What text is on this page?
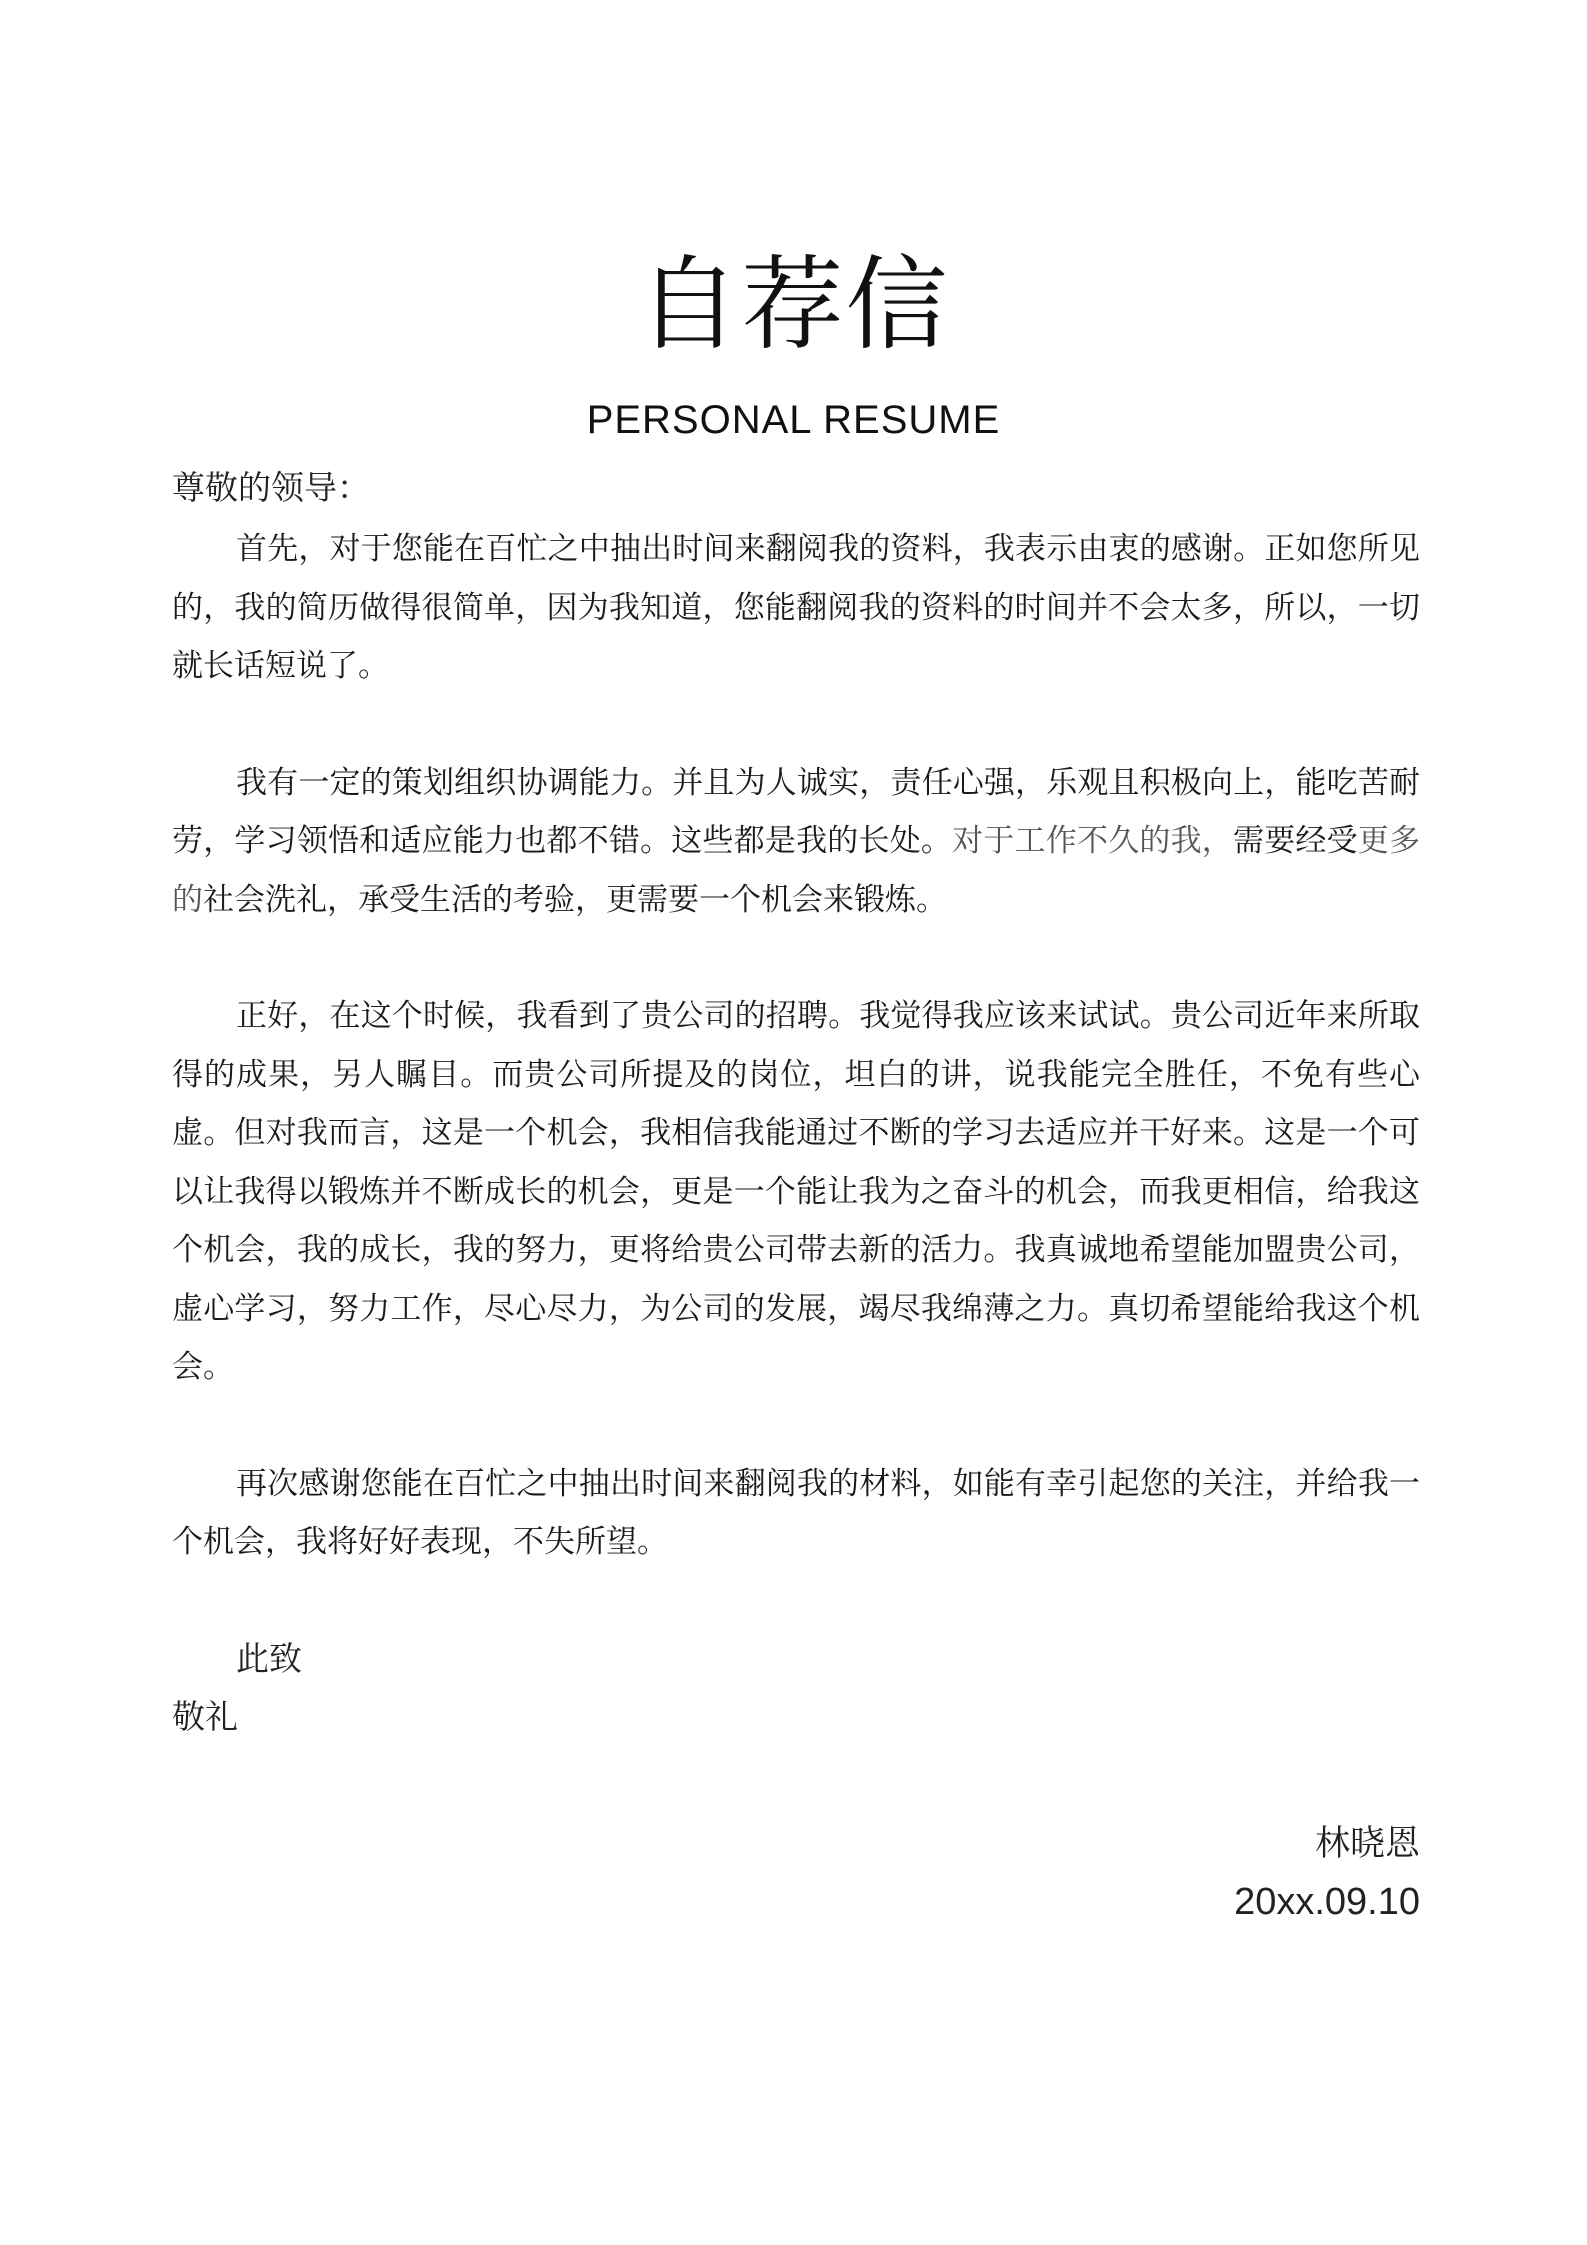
自荐信
PERSONAL RESUME

尊敬的领导：

首先，对于您能在百忙之中抽出时间来翻阅我的资料，我表示由衷的感谢。正如您所见的，我的简历做得很简单，因为我知道，您能翻阅我的资料的时间并不会太多，所以，一切就长话短说了。

我有一定的策划组织协调能力。并且为人诚实，责任心强，乐观且积极向上，能吃苦耐劳，学习领悟和适应能力也都不错。这些都是我的长处。对于工作不久的我，需要经受更多的社会洗礼，承受生活的考验，更需要一个机会来锻炼。

正好，在这个时候，我看到了贵公司的招聘。我觉得我应该来试试。贵公司近年来所取得的成果，另人瞩目。而贵公司所提及的岗位，坦白的讲，说我能完全胜任，不免有些心虚。但对我而言，这是一个机会，我相信我能通过不断的学习去适应并干好来。这是一个可以让我得以锻炼并不断成长的机会，更是一个能让我为之奋斗的机会，而我更相信，给我这个机会，我的成长，我的努力，更将给贵公司带去新的活力。我真诚地希望能加盟贵公司，虚心学习，努力工作，尽心尽力，为公司的发展，竭尽我绵薄之力。真切希望能给我这个机会。

再次感谢您能在百忙之中抽出时间来翻阅我的材料，如能有幸引起您的关注，并给我一个机会，我将好好表现，不失所望。

此致

敬礼

林晓恩
20xx.09.10
